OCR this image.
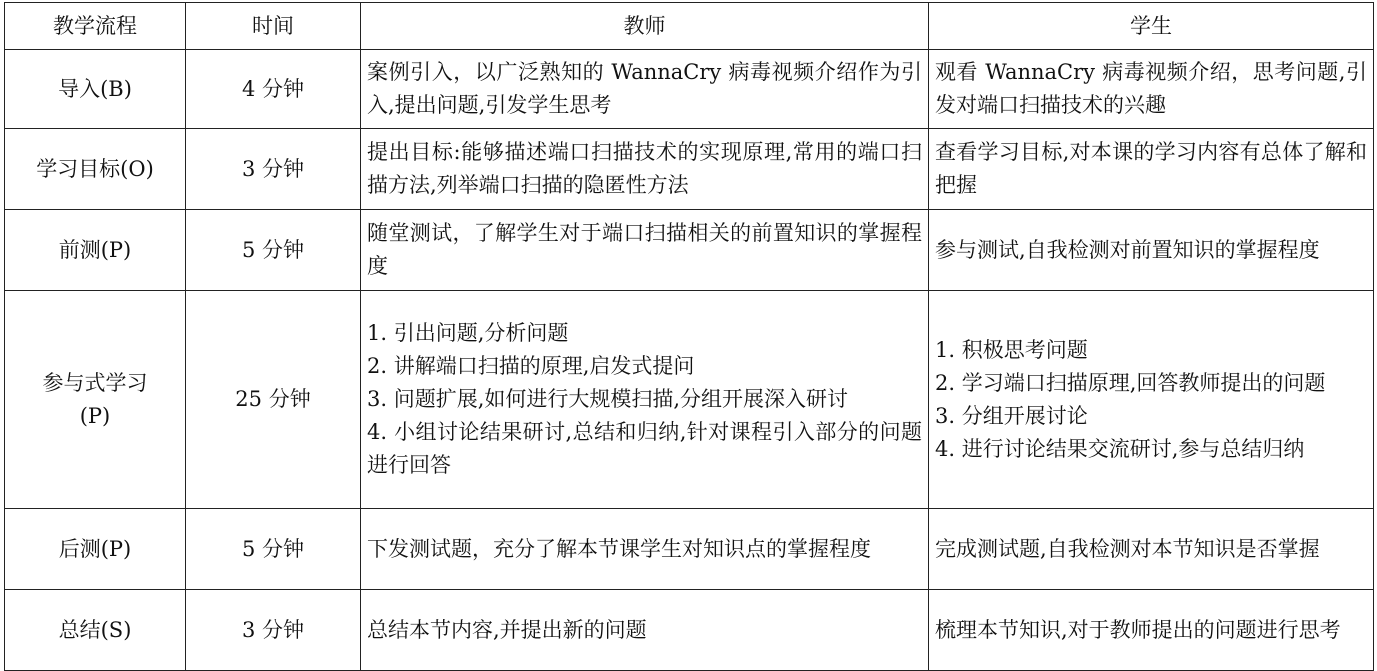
教学流程	时间	教师	学生

导入(B)	4 分钟	案例引入，以广泛熟知的 WannaCry 病毒视频介绍作为引入,提出问题,引发学生思考	观看 WannaCry 病毒视频介绍，思考问题,引发对端口扫描技术的兴趣

学习目标(O)	3 分钟	提出目标:能够描述端口扫描技术的实现原理,常用的端口扫描方法,列举端口扫描的隐匿性方法	查看学习目标,对本课的学习内容有总体了解和把握

前测(P)	5 分钟	随堂测试，了解学生对于端口扫描相关的前置知识的掌握程度	参与测试,自我检测对前置知识的掌握程度

参与式学习
(P)	25 分钟	1. 引出问题,分析问题
2. 讲解端口扫描的原理,启发式提问
3. 问题扩展,如何进行大规模扫描,分组开展深入研讨
4. 小组讨论结果研讨,总结和归纳,针对课程引入部分的问题进行回答	1. 积极思考问题
2. 学习端口扫描原理,回答教师提出的问题
3. 分组开展讨论
4. 进行讨论结果交流研讨,参与总结归纳

后测(P)	5 分钟	下发测试题，充分了解本节课学生对知识点的掌握程度	完成测试题,自我检测对本节知识是否掌握

总结(S)	3 分钟	总结本节内容,并提出新的问题	梳理本节知识,对于教师提出的问题进行思考
